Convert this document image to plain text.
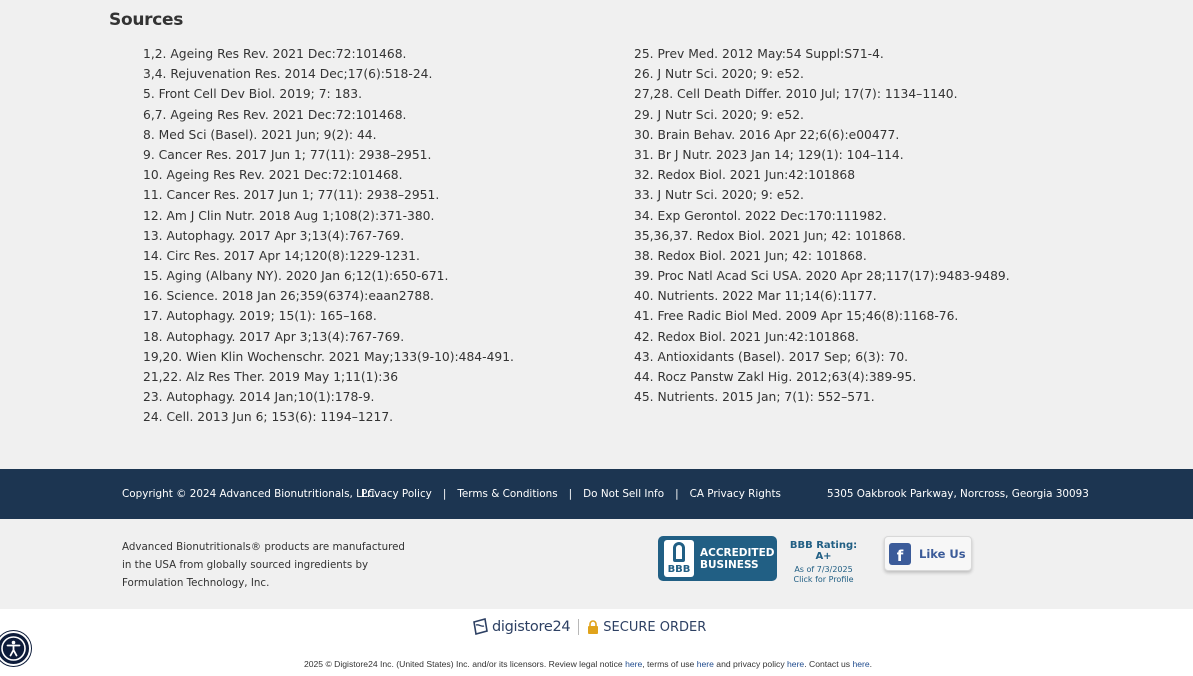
Sources
1,2. Ageing Res Rev. 2021 Dec:72:101468.
3,4. Rejuvenation Res. 2014 Dec;17(6):518-24.
5. Front Cell Dev Biol. 2019; 7: 183.
6,7. Ageing Res Rev. 2021 Dec:72:101468.
8. Med Sci (Basel). 2021 Jun; 9(2): 44.
9. Cancer Res. 2017 Jun 1; 77(11): 2938–2951.
10. Ageing Res Rev. 2021 Dec:72:101468.
11. Cancer Res. 2017 Jun 1; 77(11): 2938–2951.
12. Am J Clin Nutr. 2018 Aug 1;108(2):371-380.
13. Autophagy. 2017 Apr 3;13(4):767-769.
14. Circ Res. 2017 Apr 14;120(8):1229-1231.
15. Aging (Albany NY). 2020 Jan 6;12(1):650-671.
16. Science. 2018 Jan 26;359(6374):eaan2788.
17. Autophagy. 2019; 15(1): 165–168.
18. Autophagy. 2017 Apr 3;13(4):767-769.
19,20. Wien Klin Wochenschr. 2021 May;133(9-10):484-491.
21,22. Alz Res Ther. 2019 May 1;11(1):36
23. Autophagy. 2014 Jan;10(1):178-9.
24. Cell. 2013 Jun 6; 153(6): 1194–1217.
25. Prev Med. 2012 May:54 Suppl:S71-4.
26. J Nutr Sci. 2020; 9: e52.
27,28. Cell Death Differ. 2010 Jul; 17(7): 1134–1140.
29. J Nutr Sci. 2020; 9: e52.
30. Brain Behav. 2016 Apr 22;6(6):e00477.
31. Br J Nutr. 2023 Jan 14; 129(1): 104–114.
32. Redox Biol. 2021 Jun:42:101868
33. J Nutr Sci. 2020; 9: e52.
34. Exp Gerontol. 2022 Dec:170:111982.
35,36,37. Redox Biol. 2021 Jun; 42: 101868.
38. Redox Biol. 2021 Jun; 42: 101868.
39. Proc Natl Acad Sci USA. 2020 Apr 28;117(17):9483-9489.
40. Nutrients. 2022 Mar 11;14(6):1177.
41. Free Radic Biol Med. 2009 Apr 15;46(8):1168-76.
42. Redox Biol. 2021 Jun:42:101868.
43. Antioxidants (Basel). 2017 Sep; 6(3): 70.
44. Rocz Panstw Zakl Hig. 2012;63(4):389-95.
45. Nutrients. 2015 Jan; 7(1): 552–571.
Copyright © 2024 Advanced Bionutritionals, LLC.
Privacy Policy	|	Terms & Conditions	|	Do Not Sell Info	|	CA Privacy Rights	5305 Oakbrook Parkway, Norcross, Georgia 30093

Advanced Bionutritionals® products are manufactured in the USA from globally sourced ingredients by Formulation Technology, Inc.

BBB
ACCREDITED
BUSINESS
BBB Rating: A+
As of 7/3/2025
Click for Profile
f	Like Us
digistore24	SECURE ORDER

2025 © Digistore24 Inc. (United States) Inc. and/or its licensors. Review legal notice here, terms of use here and privacy policy here. Contact us here.
